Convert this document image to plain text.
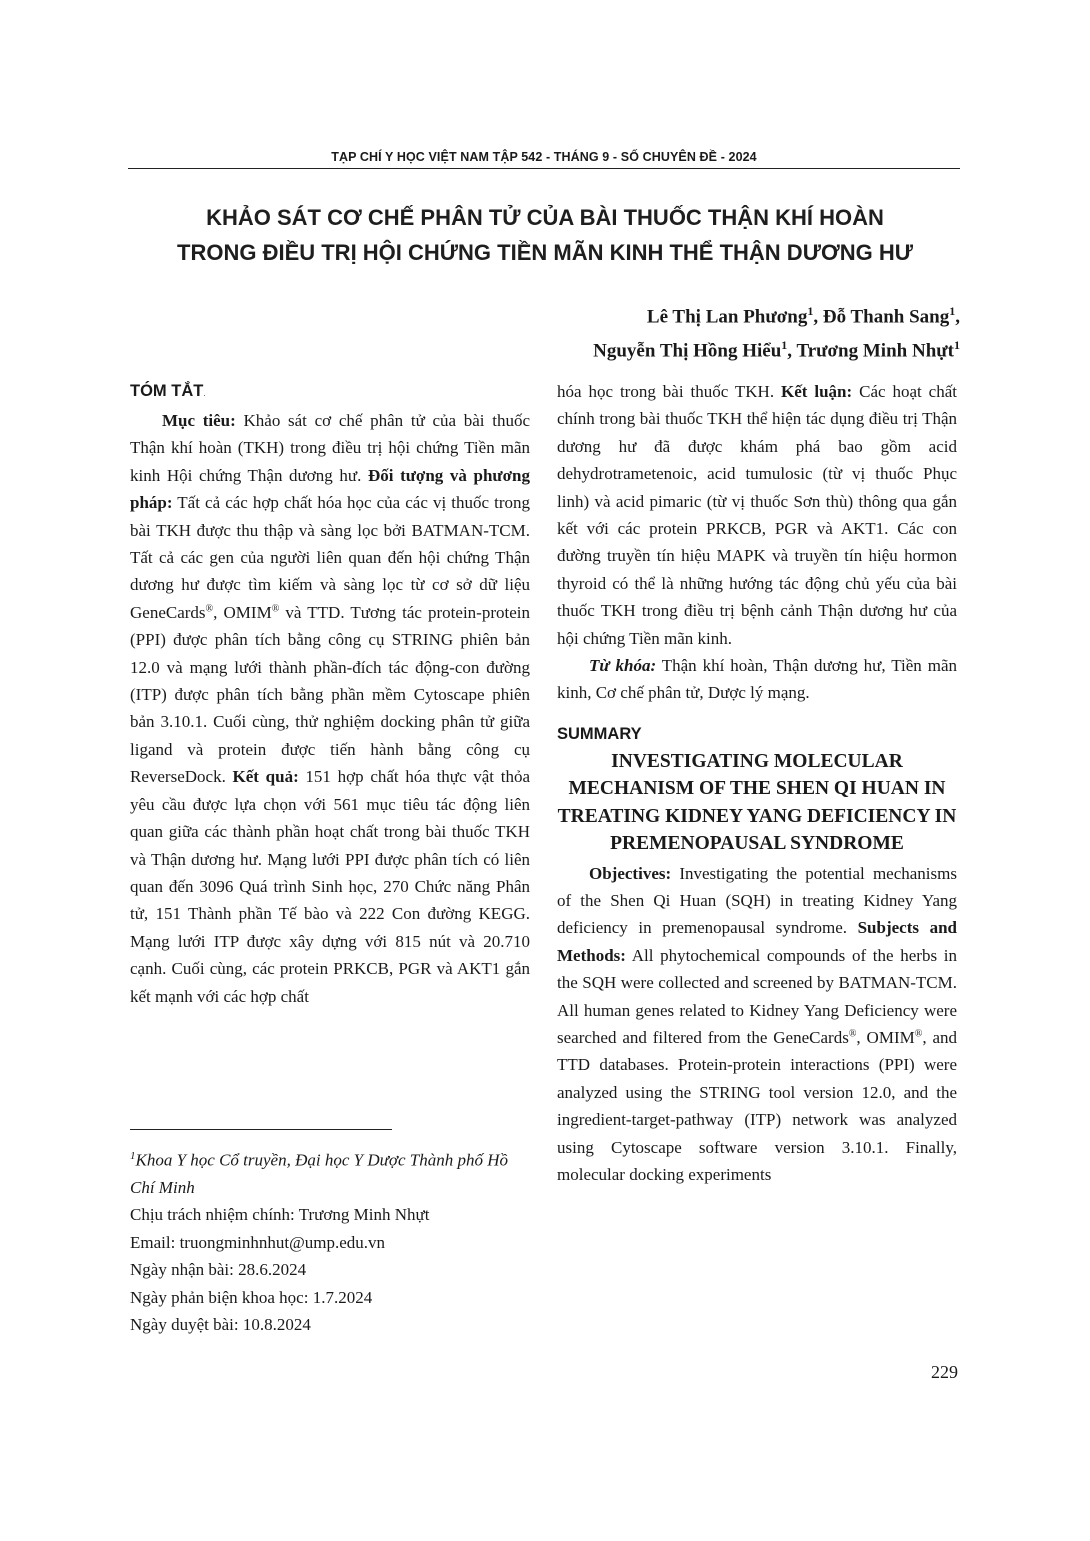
TẠP CHÍ Y HỌC VIỆT NAM TẬP 542 - THÁNG 9 - SỐ CHUYÊN ĐỀ - 2024
KHẢO SÁT CƠ CHẾ PHÂN TỬ CỦA BÀI THUỐC THẬN KHÍ HOÀN
TRONG ĐIỀU TRỊ HỘI CHỨNG TIỀN MÃN KINH THỂ THẬN DƯƠNG HƯ
Lê Thị Lan Phương$^1$, Đỗ Thanh Sang$^1$,
Nguyễn Thị Hồng Hiểu$^1$, Trương Minh Nhựt$^1$
TÓM TẮT.

Mục tiêu: Khảo sát cơ chế phân tử của bài thuốc Thận khí hoàn (TKH) trong điều trị hội chứng Tiền mãn kinh Hội chứng Thận dương hư. Đối tượng và phương pháp: Tất cả các hợp chất hóa học của các vị thuốc trong bài TKH được thu thập và sàng lọc bởi BATMAN-TCM. Tất cả các gen của người liên quan đến hội chứng Thận dương hư được tìm kiếm và sàng lọc từ cơ sở dữ liệu GeneCards®, OMIM® và TTD. Tương tác protein-protein (PPI) được phân tích bằng công cụ STRING phiên bản 12.0 và mạng lưới thành phần-đích tác động-con đường (ITP) được phân tích bằng phần mềm Cytoscape phiên bản 3.10.1. Cuối cùng, thử nghiệm docking phân tử giữa ligand và protein được tiến hành bằng công cụ ReverseDock. Kết quả: 151 hợp chất hóa thực vật thỏa yêu cầu được lựa chọn với 561 mục tiêu tác động liên quan giữa các thành phần hoạt chất trong bài thuốc TKH và Thận dương hư. Mạng lưới PPI được phân tích có liên quan đến 3096 Quá trình Sinh học, 270 Chức năng Phân tử, 151 Thành phần Tế bào và 222 Con đường KEGG. Mạng lưới ITP được xây dựng với 815 nút và 20.710 cạnh. Cuối cùng, các protein PRKCB, PGR và AKT1 gắn kết mạnh với các hợp chất

$^1$Khoa Y học Cổ truyền, Đại học Y Dược Thành phố Hồ Chí Minh
Chịu trách nhiệm chính: Trương Minh Nhựt
Email: truongminhnhut@ump.edu.vn
Ngày nhận bài: 28.6.2024
Ngày phản biện khoa học: 1.7.2024
Ngày duyệt bài: 10.8.2024

hóa học trong bài thuốc TKH. Kết luận: Các hoạt chất chính trong bài thuốc TKH thể hiện tác dụng điều trị Thận dương hư đã được khám phá bao gồm acid dehydrotrametenoic, acid tumulosic (từ vị thuốc Phục linh) và acid pimaric (từ vị thuốc Sơn thù) thông qua gắn kết với các protein PRKCB, PGR và AKT1. Các con đường truyền tín hiệu MAPK và truyền tín hiệu hormon thyroid có thể là những hướng tác động chủ yếu của bài thuốc TKH trong điều trị bệnh cảnh Thận dương hư của hội chứng Tiền mãn kinh.

Từ khóa: Thận khí hoàn, Thận dương hư, Tiền mãn kinh, Cơ chế phân tử, Dược lý mạng.

SUMMARY
INVESTIGATING MOLECULAR MECHANISM OF THE SHEN QI HUAN IN TREATING KIDNEY YANG DEFICIENCY IN PREMENOPAUSAL SYNDROME

Objectives: Investigating the potential mechanisms of the Shen Qi Huan (SQH) in treating Kidney Yang deficiency in premenopausal syndrome. Subjects and Methods: All phytochemical compounds of the herbs in the SQH were collected and screened by BATMAN-TCM. All human genes related to Kidney Yang Deficiency were searched and filtered from the GeneCards®, OMIM®, and TTD databases. Protein-protein interactions (PPI) were analyzed using the STRING tool version 12.0, and the ingredient-target-pathway (ITP) network was analyzed using Cytoscape software version 3.10.1. Finally, molecular docking experiments

229
